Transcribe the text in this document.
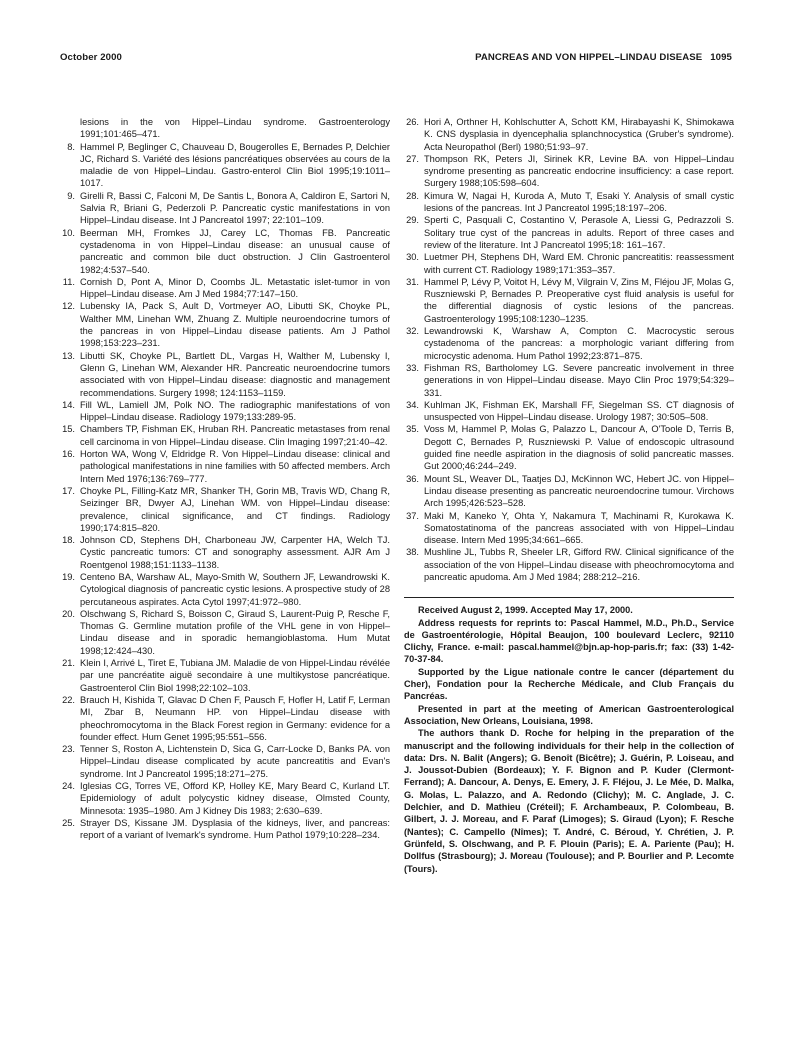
October 2000	PANCREAS AND VON HIPPEL–LINDAU DISEASE 1095

lesions in the von Hippel–Lindau syndrome. Gastroenterology 1991;101:465–471.

8. Hammel P, Beglinger C, Chauveau D, Bougerolles E, Bernades P, Delchier JC, Richard S. Variété des lésions pancréatiques observées au cours de la maladie de von Hippel–Lindau. Gastro-enterol Clin Biol 1995;19:1011–1017.

9. Girelli R, Bassi C, Falconi M, De Santis L, Bonora A, Caldiron E, Sartori N, Salvia R, Briani G, Pederzoli P. Pancreatic cystic manifestations in von Hippel–Lindau disease. Int J Pancreatol 1997; 22:101–109.

10. Beerman MH, Fromkes JJ, Carey LC, Thomas FB. Pancreatic cystadenoma in von Hippel–Lindau disease: an unusual cause of pancreatic and common bile duct obstruction. J Clin Gastroenterol 1982;4:537–540.

11. Cornish D, Pont A, Minor D, Coombs JL. Metastatic islet-tumor in von Hippel–Lindau disease. Am J Med 1984;77:147–150.

12. Lubensky IA, Pack S, Ault D, Vortmeyer AO, Libutti SK, Choyke PL, Walther MM, Linehan WM, Zhuang Z. Multiple neuroendocrine tumors of the pancreas in von Hippel–Lindau disease patients. Am J Pathol 1998;153:223–231.

13. Libutti SK, Choyke PL, Bartlett DL, Vargas H, Walther M, Lubensky I, Glenn G, Linehan WM, Alexander HR. Pancreatic neuroendocrine tumors associated with von Hippel–Lindau disease: diagnostic and management recommendations. Surgery 1998; 124:1153–1159.

14. Fill WL, Lamiell JM, Polk NO. The radiographic manifestations of von Hippel–Lindau disease. Radiology 1979;133:289-95.

15. Chambers TP, Fishman EK, Hruban RH. Pancreatic metastases from renal cell carcinoma in von Hippel–Lindau disease. Clin Imaging 1997;21:40–42.

16. Horton WA, Wong V, Eldridge R. Von Hippel–Lindau disease: clinical and pathological manifestations in nine families with 50 affected members. Arch Intern Med 1976;136:769–777.

17. Choyke PL, Filling-Katz MR, Shanker TH, Gorin MB, Travis WD, Chang R, Seizinger BR, Dwyer AJ, Linehan WM. von Hippel–Lindau disease: prevalence, clinical significance, and CT findings. Radiology 1990;174:815–820.

18. Johnson CD, Stephens DH, Charboneau JW, Carpenter HA, Welch TJ. Cystic pancreatic tumors: CT and sonography assessment. AJR Am J Roentgenol 1988;151:1133–1138.

19. Centeno BA, Warshaw AL, Mayo-Smith W, Southern JF, Lewandrowski K. Cytological diagnosis of pancreatic cystic lesions. A prospective study of 28 percutaneous aspirates. Acta Cytol 1997;41:972–980.

20. Olschwang S, Richard S, Boisson C, Giraud S, Laurent-Puig P, Resche F, Thomas G. Germline mutation profile of the VHL gene in von Hippel–Lindau disease and in sporadic hemangioblastoma. Hum Mutat 1998;12:424–430.

21. Klein I, Arrivé L, Tiret E, Tubiana JM. Maladie de von Hippel-Lindau révélée par une pancréatite aiguë secondaire à une multikystose pancréatique. Gastroenterol Clin Biol 1998;22:102–103.

22. Brauch H, Kishida T, Glavac D Chen F, Pausch F, Hofler H, Latif F, Lerman MI, Zbar B, Neumann HP. von Hippel–Lindau disease with pheochromocytoma in the Black Forest region in Germany: evidence for a founder effect. Hum Genet 1995;95:551–556.

23. Tenner S, Roston A, Lichtenstein D, Sica G, Carr-Locke D, Banks PA. von Hippel–Lindau disease complicated by acute pancreatitis and Evan's syndrome. Int J Pancreatol 1995;18:271–275.

24. Iglesias CG, Torres VE, Offord KP, Holley KE, Mary Beard C, Kurland LT. Epidemiology of adult polycystic kidney disease, Olmsted County, Minnesota: 1935–1980. Am J Kidney Dis 1983; 2:630–639.

25. Strayer DS, Kissane JM. Dysplasia of the kidneys, liver, and pancreas: report of a variant of Ivemark's syndrome. Hum Pathol 1979;10:228–234.

26. Hori A, Orthner H, Kohlschutter A, Schott KM, Hirabayashi K, Shimokawa K. CNS dysplasia in dyencephalia splanchnocystica (Gruber's syndrome). Acta Neuropathol (Berl) 1980;51:93–97.

27. Thompson RK, Peters JI, Sirinek KR, Levine BA. von Hippel–Lindau syndrome presenting as pancreatic endocrine insufficiency: a case report. Surgery 1988;105:598–604.

28. Kimura W, Nagai H, Kuroda A, Muto T, Esaki Y. Analysis of small cystic lesions of the pancreas. Int J Pancreatol 1995;18:197–206.

29. Sperti C, Pasquali C, Costantino V, Perasole A, Liessi G, Pedrazzoli S. Solitary true cyst of the pancreas in adults. Report of three cases and review of the literature. Int J Pancreatol 1995;18: 161–167.

30. Luetmer PH, Stephens DH, Ward EM. Chronic pancreatitis: reassessment with current CT. Radiology 1989;171:353–357.

31. Hammel P, Lévy P, Voitot H, Lévy M, Vilgrain V, Zins M, Fléjou JF, Molas G, Ruszniewski P, Bernades P. Preoperative cyst fluid analysis is useful for the differential diagnosis of cystic lesions of the pancreas. Gastroenterology 1995;108:1230–1235.

32. Lewandrowski K, Warshaw A, Compton C. Macrocystic serous cystadenoma of the pancreas: a morphologic variant differing from microcystic adenoma. Hum Pathol 1992;23:871–875.

33. Fishman RS, Bartholomey LG. Severe pancreatic involvement in three generations in von Hippel–Lindau disease. Mayo Clin Proc 1979;54:329–331.

34. Kuhlman JK, Fishman EK, Marshall FF, Siegelman SS. CT diagnosis of unsuspected von Hippel–Lindau disease. Urology 1987; 30:505–508.

35. Voss M, Hammel P, Molas G, Palazzo L, Dancour A, O'Toole D, Terris B, Degott C, Bernades P, Ruszniewski P. Value of endoscopic ultrasound guided fine needle aspiration in the diagnosis of solid pancreatic masses. Gut 2000;46:244–249.

36. Mount SL, Weaver DL, Taatjes DJ, McKinnon WC, Hebert JC. von Hippel–Lindau disease presenting as pancreatic neuroendocrine tumour. Virchows Arch 1995;426:523–528.

37. Maki M, Kaneko Y, Ohta Y, Nakamura T, Machinami R, Kurokawa K. Somatostatinoma of the pancreas associated with von Hippel–Lindau disease. Intern Med 1995;34:661–665.

38. Mushline JL, Tubbs R, Sheeler LR, Gifford RW. Clinical significance of the association of the von Hippel–Lindau disease with pheochromocytoma and pancreatic apudoma. Am J Med 1984; 288:212–216.

Received August 2, 1999. Accepted May 17, 2000.

Address requests for reprints to: Pascal Hammel, M.D., Ph.D., Service de Gastroentérologie, Hôpital Beaujon, 100 boulevard Leclerc, 92110 Clichy, France. e-mail: pascal.hammel@bjn.ap-hop-paris.fr; fax: (33) 1-42-70-37-84.

Supported by the Ligue nationale contre le cancer (département du Cher), Fondation pour la Recherche Médicale, and Club Français du Pancréas.

Presented in part at the meeting of American Gastroenterological Association, New Orleans, Louisiana, 1998.

The authors thank D. Roche for helping in the preparation of the manuscript and the following individuals for their help in the collection of data: Drs. N. Balit (Angers); G. Benoît (Bicêtre); J. Guérin, P. Loiseau, and J. Joussot-Dubien (Bordeaux); Y. F. Bignon and P. Kuder (Clermont-Ferrand); A. Dancour, A. Denys, E. Emery, J. F. Fléjou, J. Le Mée, D. Malka, G. Molas, L. Palazzo, and A. Redondo (Clichy); M. C. Anglade, J. C. Delchier, and D. Mathieu (Créteil); F. Archambeaux, P. Colombeau, B. Gilbert, J. J. Moreau, and F. Paraf (Limoges); S. Giraud (Lyon); F. Resche (Nantes); C. Campello (Nîmes); T. André, C. Béroud, Y. Chrétien, J. P. Grünfeld, S. Olschwang, and P. F. Plouin (Paris); E. A. Pariente (Pau); H. Dollfus (Strasbourg); J. Moreau (Toulouse); and P. Bourlier and P. Lecomte (Tours).
